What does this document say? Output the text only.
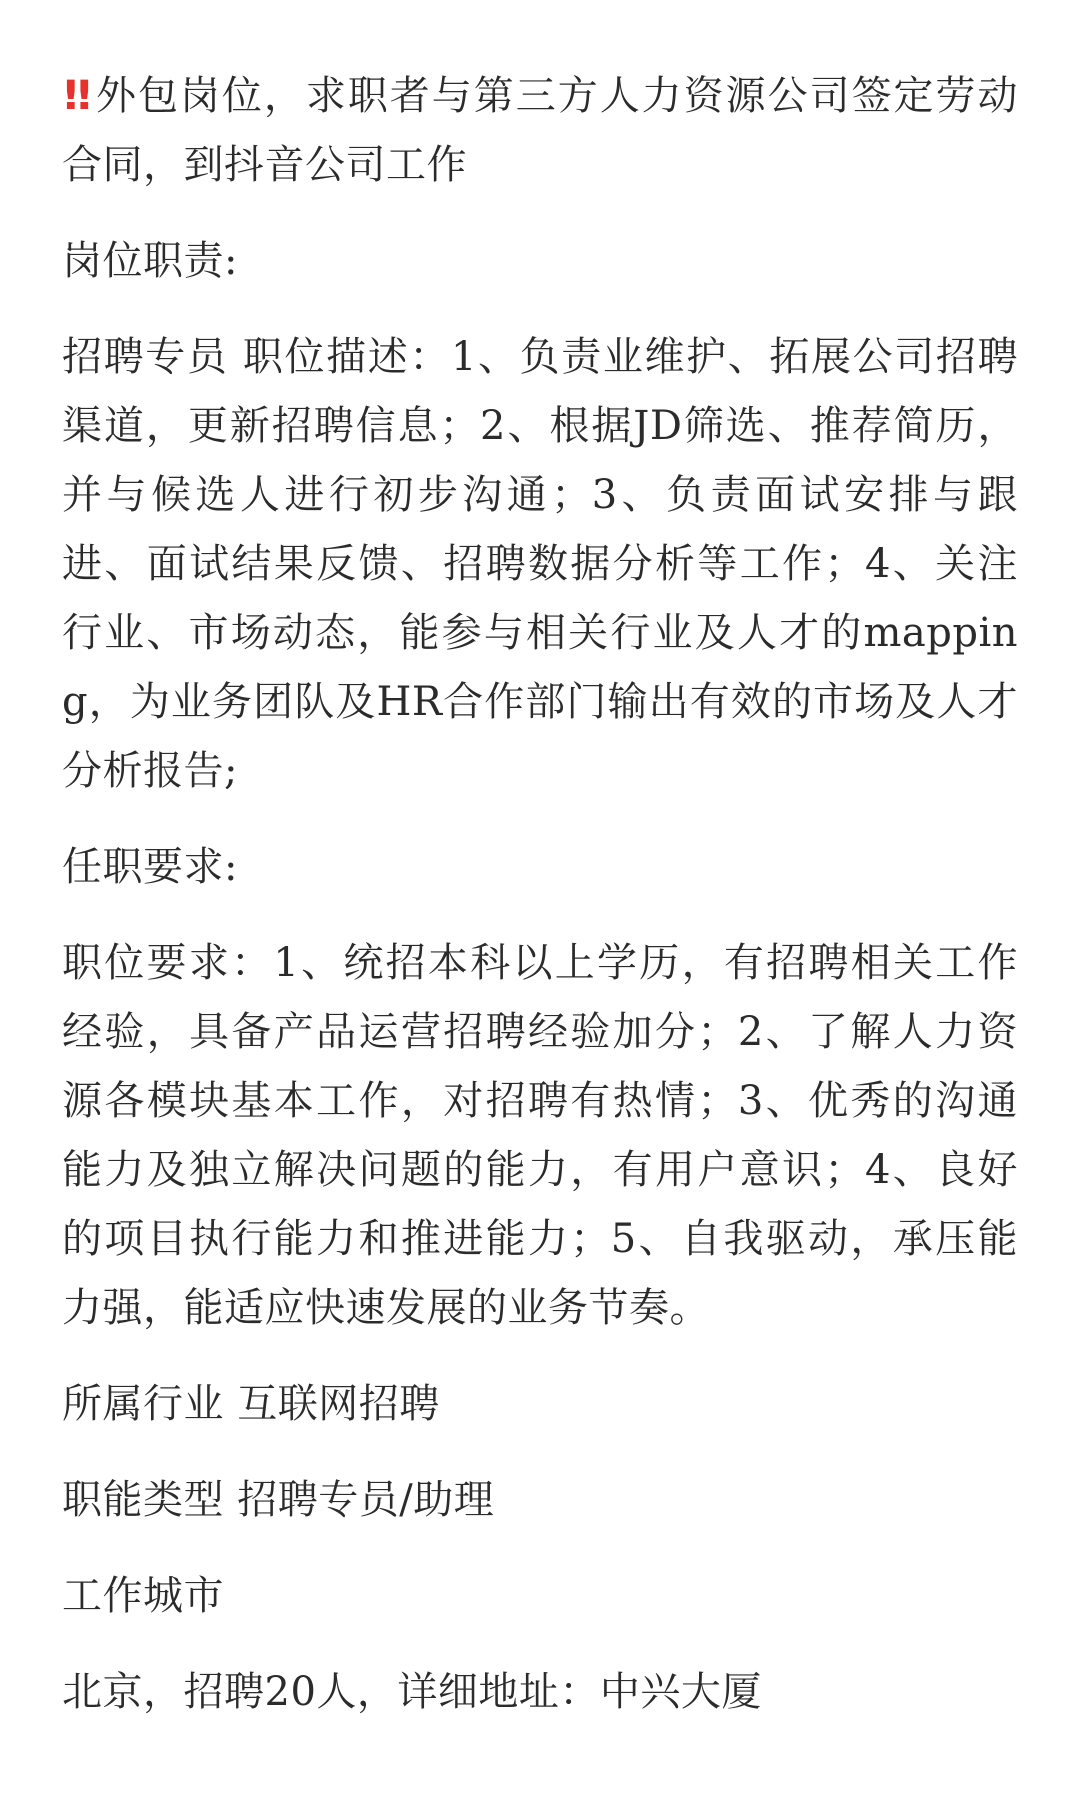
!! 外包岗位，求职者与第三方人力资源公司签定劳动合同，到抖音公司工作

岗位职责:

招聘专员 职位描述：1、负责业维护、拓展公司招聘渠道，更新招聘信息；2、根据JD筛选、推荐简历，并与候选人进行初步沟通；3、负责面试安排与跟进、面试结果反馈、招聘数据分析等工作；4、关注行业、市场动态，能参与相关行业及人才的mapping，为业务团队及HR合作部门输出有效的市场及人才分析报告;

任职要求:

职位要求：1、统招本科以上学历，有招聘相关工作经验，具备产品运营招聘经验加分；2、了解人力资源各模块基本工作，对招聘有热情；3、优秀的沟通能力及独立解决问题的能力，有用户意识；4、良好的项目执行能力和推进能力；5、自我驱动，承压能力强，能适应快速发展的业务节奏。

所属行业 互联网招聘

职能类型 招聘专员/助理

工作城市

北京，招聘20人，详细地址：中兴大厦
